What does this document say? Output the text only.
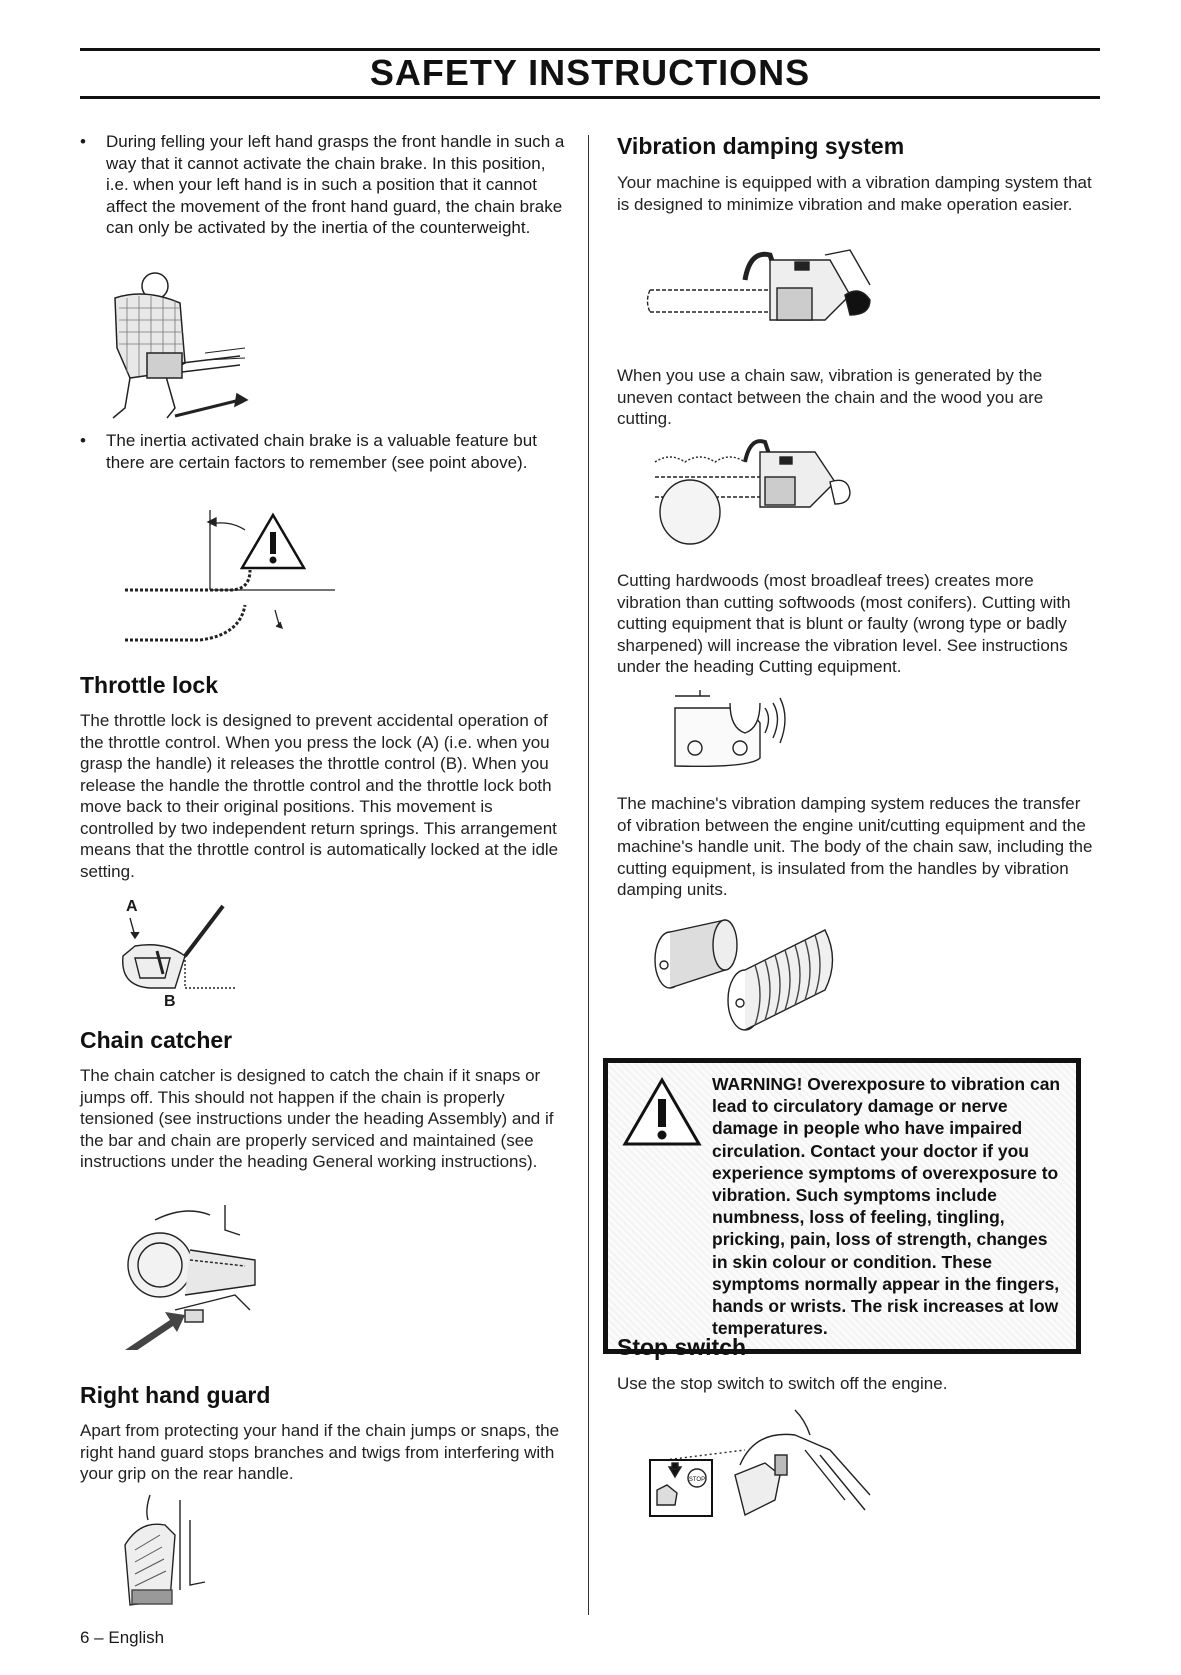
SAFETY INSTRUCTIONS
• During felling your left hand grasps the front handle in such a way that it cannot activate the chain brake. In this position, i.e. when your left hand is in such a position that it cannot affect the movement of the front hand guard, the chain brake can only be activated by the inertia of the counterweight.
• The inertia activated chain brake is a valuable feature but there are certain factors to remember (see point above).
Throttle lock
The throttle lock is designed to prevent accidental operation of the throttle control. When you press the lock (A) (i.e. when you grasp the handle) it releases the throttle control (B). When you release the handle the throttle control and the throttle lock both move back to their original positions. This movement is controlled by two independent return springs. This arrangement means that the throttle control is automatically locked at the idle setting.
A
B
Chain catcher
The chain catcher is designed to catch the chain if it snaps or jumps off. This should not happen if the chain is properly tensioned (see instructions under the heading Assembly) and if the bar and chain are properly serviced and maintained (see instructions under the heading General working instructions).
Right hand guard
Apart from protecting your hand if the chain jumps or snaps, the right hand guard stops branches and twigs from interfering with your grip on the rear handle.
6 – English
Vibration damping system
Your machine is equipped with a vibration damping system that is designed to minimize vibration and make operation easier.
When you use a chain saw, vibration is generated by the uneven contact between the chain and the wood you are cutting.
Cutting hardwoods (most broadleaf trees) creates more vibration than cutting softwoods (most conifers). Cutting with cutting equipment that is blunt or faulty (wrong type or badly sharpened) will increase the vibration level. See instructions under the heading Cutting equipment.
The machine's vibration damping system reduces the transfer of vibration between the engine unit/cutting equipment and the machine's handle unit. The body of the chain saw, including the cutting equipment, is insulated from the handles by vibration damping units.
WARNING! Overexposure to vibration can lead to circulatory damage or nerve damage in people who have impaired circulation. Contact your doctor if you experience symptoms of overexposure to vibration. Such symptoms include numbness, loss of feeling, tingling, pricking, pain, loss of strength, changes in skin colour or condition. These symptoms normally appear in the fingers, hands or wrists. The risk increases at low temperatures.
Stop switch
Use the stop switch to switch off the engine.
STOP
